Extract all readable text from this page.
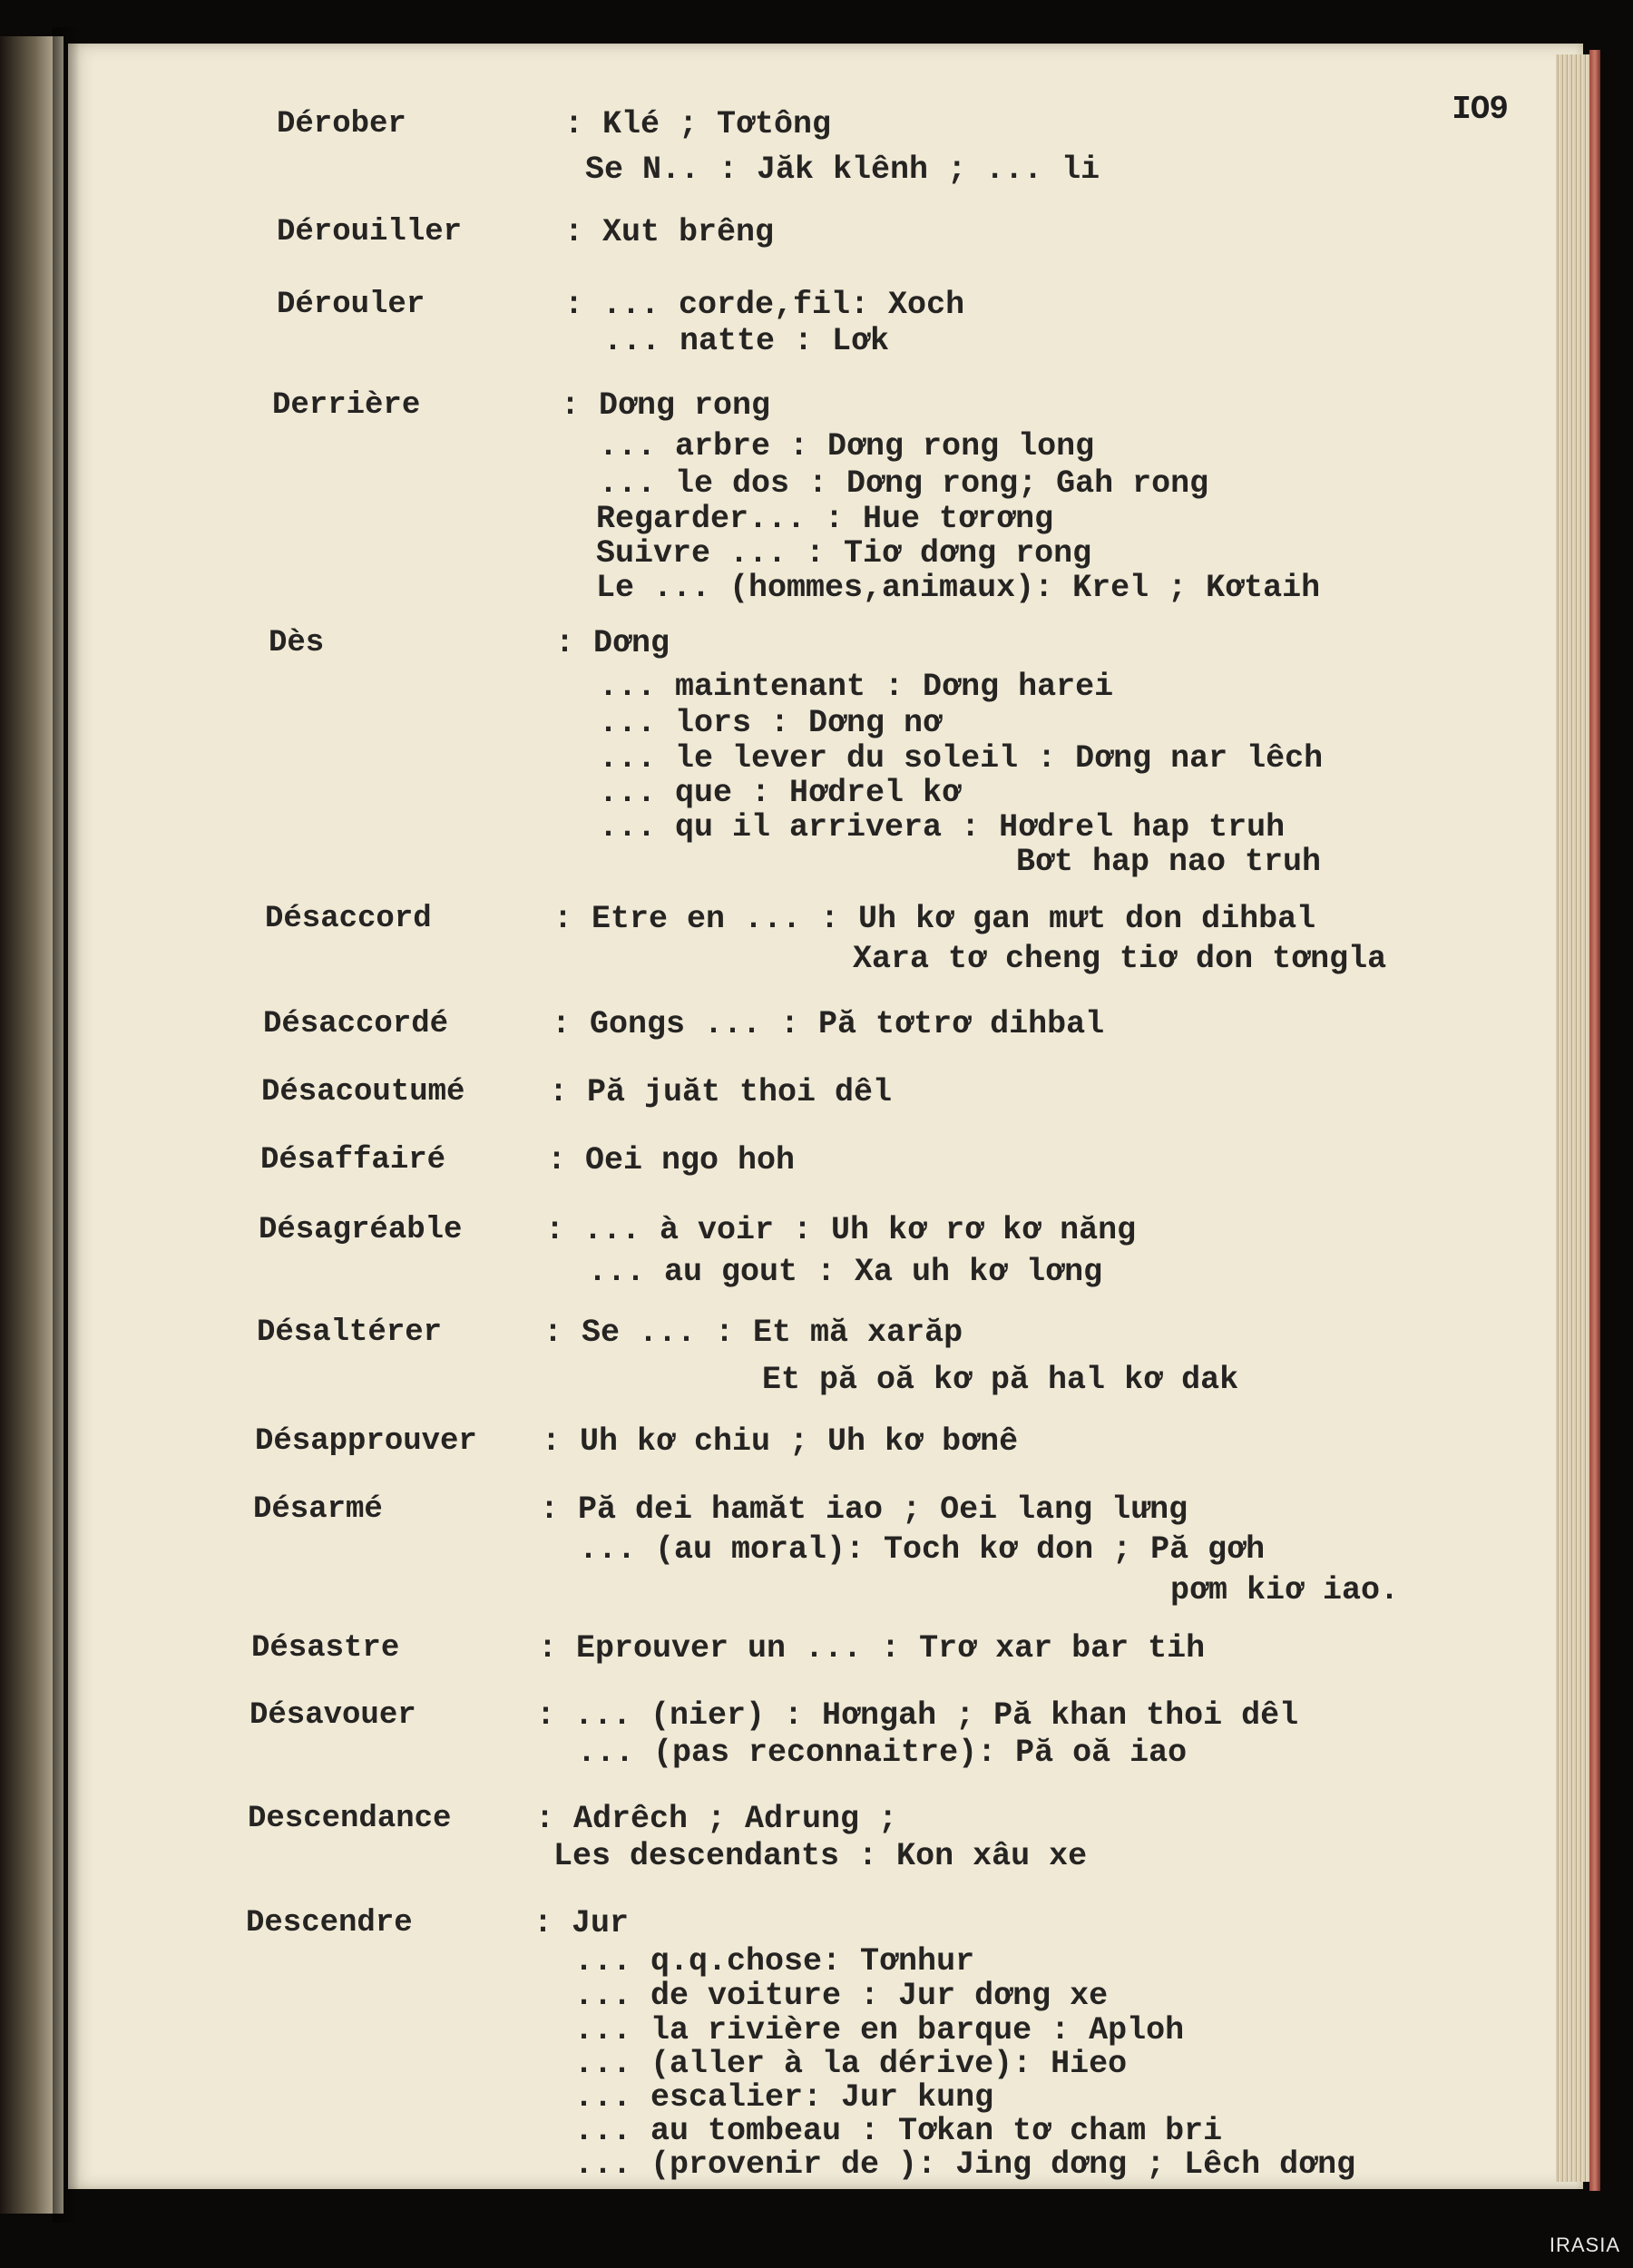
IO9
Dérober	: Klé ; Tơtông
Se N.. : Jăk klênh ; ... li
Dérouiller	: Xut brêng
Dérouler	: ... corde,fil: Xoch
... natte : Lơk
Derrière	: Dơng rong
... arbre : Dơng rong long
... le dos : Dơng rong; Gah rong
Regarder... : Hue tơrơng
Suivre ... : Tiơ dơng rong
Le ... (hommes,animaux): Krel ; Kơtaih
Dès	: Dơng
... maintenant : Dơng harei
... lors : Dơng nơ
... le lever du soleil : Dơng nar lêch
... que : Hơdrel kơ
... qu il arrivera : Hơdrel hap truh
Bơt hap nao truh
Désaccord	: Etre en ... : Uh kơ gan mưt don dihbal
Xara tơ cheng tiơ don tơngla
Désaccordé	: Gongs ... : Pă tơtrơ dihbal
Désacoutumé	: Pă juăt thoi dêl
Désaffairé	: Oei ngo hoh
Désagréable	: ... à voir : Uh kơ rơ kơ năng
... au gout : Xa uh kơ lơng
Désaltérer	: Se ... : Et mă xarăp
Et pă oă kơ pă hal kơ dak
Désapprouver : Uh kơ chiu ; Uh kơ bơnê
Désarmé	: Pă dei hamăt iao ; Oei lang lưng
... (au moral): Toch kơ don ; Pă gơh
pơm kiơ iao.
Désastre	: Eprouver un ... : Trơ xar bar tih
Désavouer	: ... (nier) : Hơngah ; Pă khan thoi dêl
... (pas reconnaitre): Pă oă iao
Descendance	: Adrêch ; Adrung ;
Les descendants : Kon xâu xe
Descendre	: Jur
... q.q.chose: Tơnhur
... de voiture : Jur dơng xe
... la rivière en barque : Aploh
... (aller à la dérive): Hieo
... escalier: Jur kung
... au tombeau : Tơkan tơ cham bri
... (provenir de ): Jing dơng ; Lêch dơng
IRASIA
